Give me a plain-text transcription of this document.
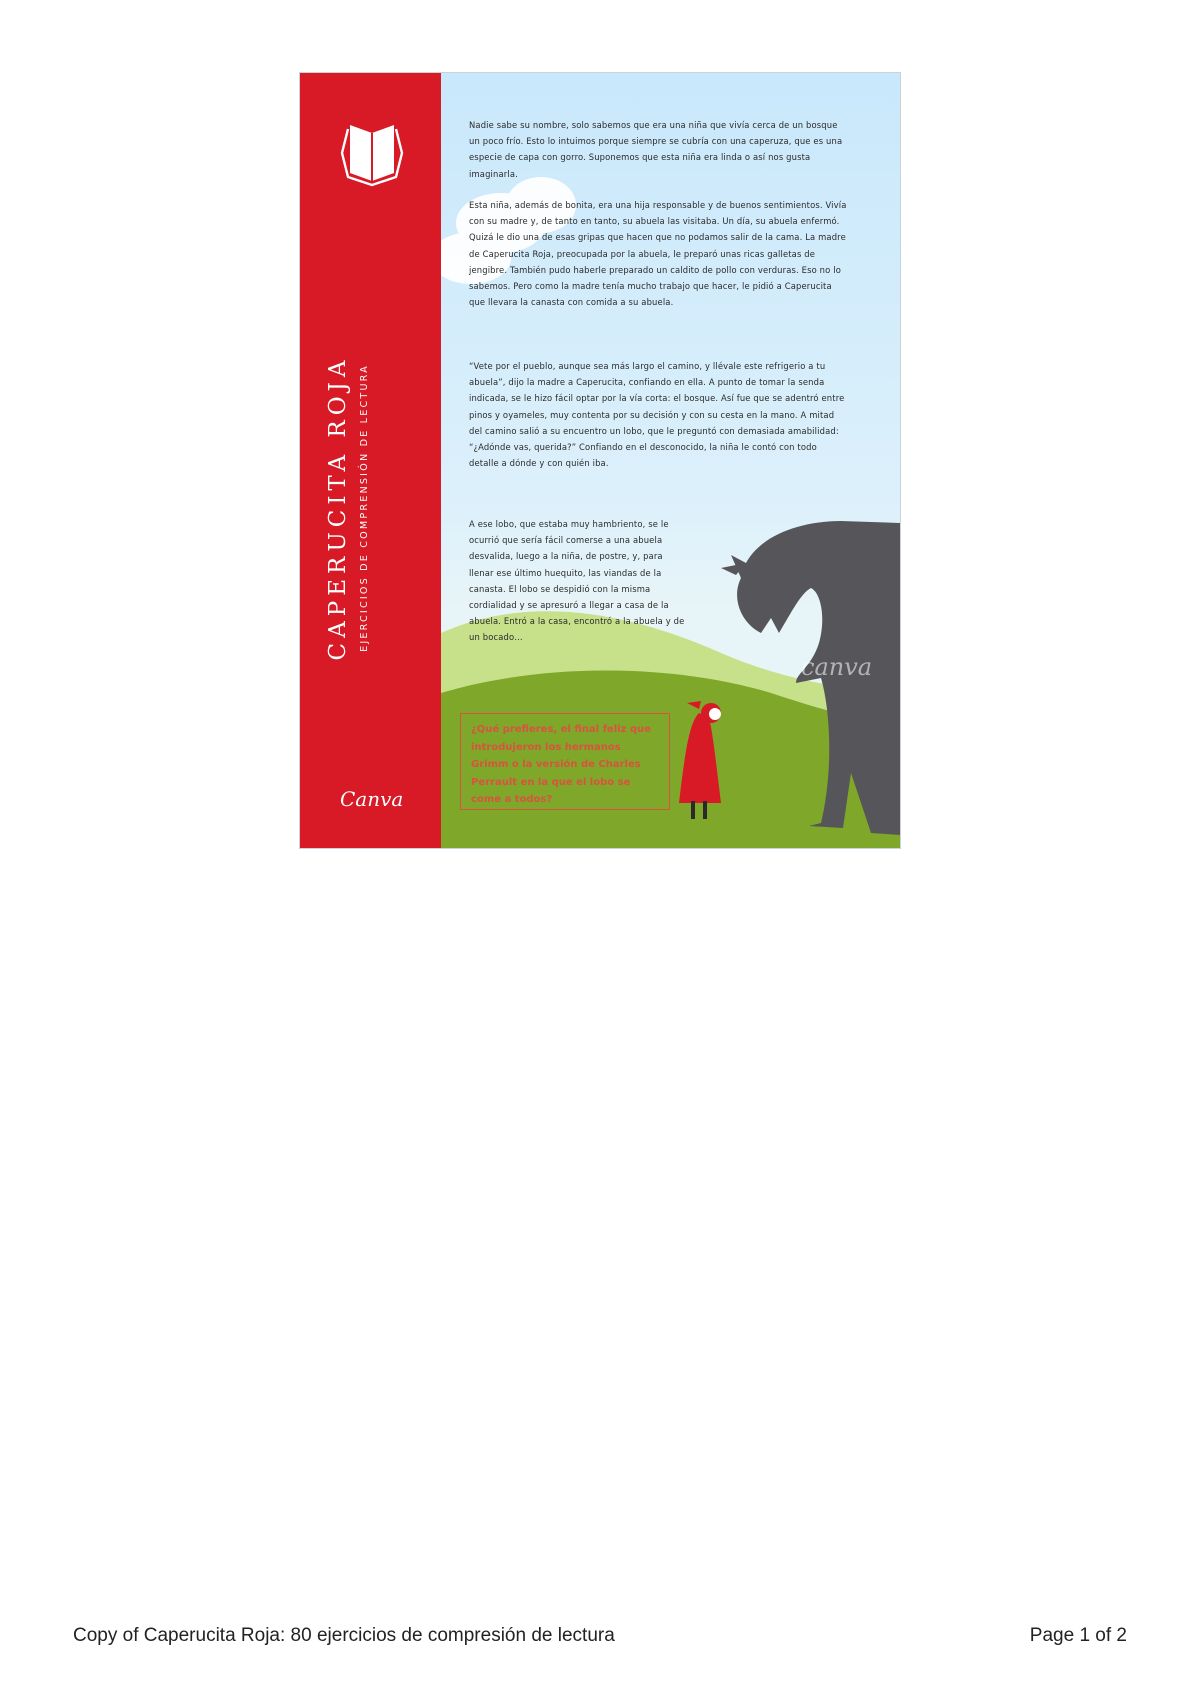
CAPERUCITA ROJA EJERCICIOS DE COMPRENSIÓN DE LECTURA
Canva

Nadie sabe su nombre, solo sabemos que era una niña que vivía cerca de un bosque un poco frío. Esto lo intuimos porque siempre se cubría con una caperuza, que es una especie de capa con gorro. Suponemos que esta niña era linda o así nos gusta imaginarla.

Esta niña, además de bonita, era una hija responsable y de buenos sentimientos. Vivía con su madre y, de tanto en tanto, su abuela las visitaba. Un día, su abuela enfermó. Quizá le dio una de esas gripas que hacen que no podamos salir de la cama. La madre de Caperucita Roja, preocupada por la abuela, le preparó unas ricas galletas de jengibre. También pudo haberle preparado un caldito de pollo con verduras. Eso no lo sabemos. Pero como la madre tenía mucho trabajo que hacer, le pidió a Caperucita que llevara la canasta con comida a su abuela.

“Vete por el pueblo, aunque sea más largo el camino, y llévale este refrigerio a tu abuela”, dijo la madre a Caperucita, confiando en ella. A punto de tomar la senda indicada, se le hizo fácil optar por la vía corta: el bosque. Así fue que se adentró entre pinos y oyameles, muy contenta por su decisión y con su cesta en la mano. A mitad del camino salió a su encuentro un lobo, que le preguntó con demasiada amabilidad: “¿Adónde vas, querida?” Confiando en el desconocido, la niña le contó con todo detalle a dónde y con quién iba.

A ese lobo, que estaba muy hambriento, se le ocurrió que sería fácil comerse a una abuela desvalida, luego a la niña, de postre, y, para llenar ese último huequito, las viandas de la canasta. El lobo se despidió con la misma cordialidad y se apresuró a llegar a casa de la abuela. Entró a la casa, encontró a la abuela y de un bocado…

¿Qué prefieres, el final feliz que introdujeron los hermanos Grimm o la versión de Charles Perrault en la que el lobo se come a todos?
canva
Copy of Caperucita Roja: 80 ejercicios de compresión de lectura	Page 1 of 2
